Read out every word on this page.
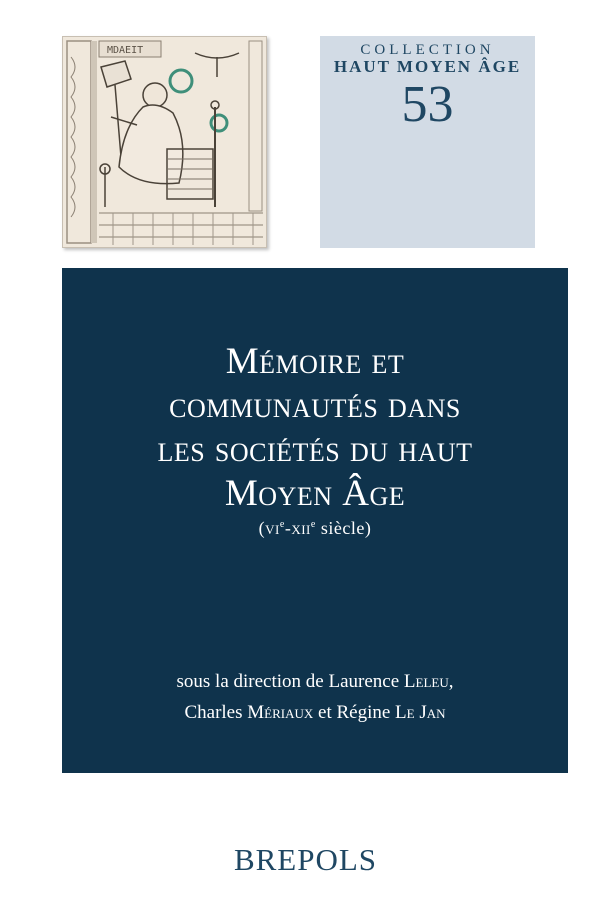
MDAEIT	COLLECTION
HAUT MOYEN ÂGE
53
Mémoire et
communautés dans
les sociétés du haut
Moyen Âge
($vi^e-xii^e$ siècle)
sous la direction de Laurence Leleu,
Charles Mériaux et Régine Le Jan
BREPOLS
